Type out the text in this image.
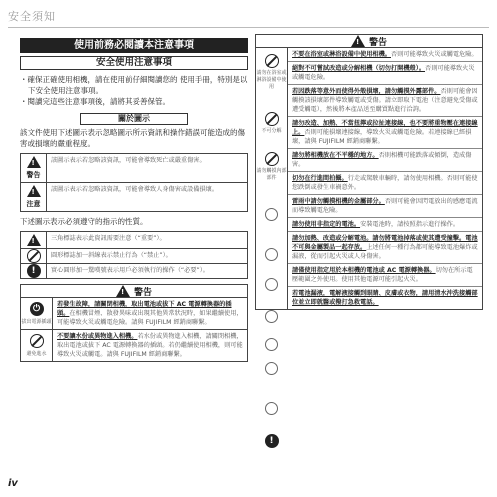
安全須知
使用前務必閱讀本注意事項
安全使用注意事項
・確保正確使用相機，請在使用前仔細閱讀您的 使用手冊，特別是以下安全使用注意事項。
・閱讀完這些注意事項後，請將其妥善保管。
關於圖示
該文件使用下述圖示表示忽略圖示所示資訊和操作錯誤可能造成的傷害或損壞的嚴重程度。
!
警告
該圖示表示若忽略該資訊，可能會導致死亡或嚴重傷害。
!
注意
該圖示表示若忽略該資訊，可能會導致人身傷害或設備損壞。
下述圖示表示必須遵守的指示的性質。
!	三角標誌表示此資訊需要注意（“重要”）。
圓形標誌加一斜線表示禁止行為（“禁止”）。
!	實心圓形加一驚嘆號表示用戶必須執行的操作（“必要”）。
! 警告
⏻
拔出電源插頭
若發生故障，請關閉相機，取出電池或拔下 AC 電源轉換器的插頭。在相機冒煙、散發異味或出現其他異常狀況時，如果繼續使用，可能導致火災或觸電危險。請與 FUJIFILM 經銷商聯繫。
避免進水
不要讓水份或異物進入相機。若水份或異物進入相機，請關閉相機，取出電池或拔下 AC 電源轉換器的插頭。若仍繼續使用相機，則可能導致火災或觸電。請與 FUJIFILM 經銷商聯繫。
! 警告
請勿在浴室或淋浴設備中使用
不可分解
請勿觸摸內部部件
!
不要在浴室或淋浴設備中使用相機。否則可能導致火災或觸電危險。
絕對不可嘗試改造或分解相機（切勿打開機殼）。否則可能導致火災或觸電危險。
若因跌落等意外而使得外殼損壞，請勿觸摸外露部件。否則可能會因觸摸該損壞部件導致觸電或受傷。請立即取下電池（注意避免受傷或遭受觸電），然後將本產品送至購買點進行洽詢。
請勿改造、加熱、不當扭擰或拉扯連接線，也不要將重物壓在連接線上。否則可能損壞連接線，導致火災或觸電危險。若連接線已經損壞，請與 FUJIFILM 經銷商聯繫。
請勿將相機放在不平穩的地方。否則相機可能跌落或傾倒，造成傷害。
切勿在行進間拍攝。行走或駕駛車輛時，請勿使用相機。否則可能使您跌倒或發生車禍意外。
雷雨中請勿觸摸相機的金屬部分。否則可能會因閃電放出的感應電流而導致觸電危險。
請勿使用非指定的電池。安裝電池時，請按照指示進行操作。
請勿加熱、改造或分解電池。請勿將電池掉落或使其遭受撞擊。電池不可與金屬製品一起存放。上述任何一種行為都可能導致電池爆炸或漏液，從而引起火災或人身傷害。
請僅使用指定用於本相機的電池或 AC 電源轉換器。切勿在所示電壓範圍之外使用。使用其他電源可能引起火災。
若電池漏液，電解液接觸到眼睛、皮膚或衣物，請用清水沖洗接觸部位並立即就醫或撥打急救電話。
iv
